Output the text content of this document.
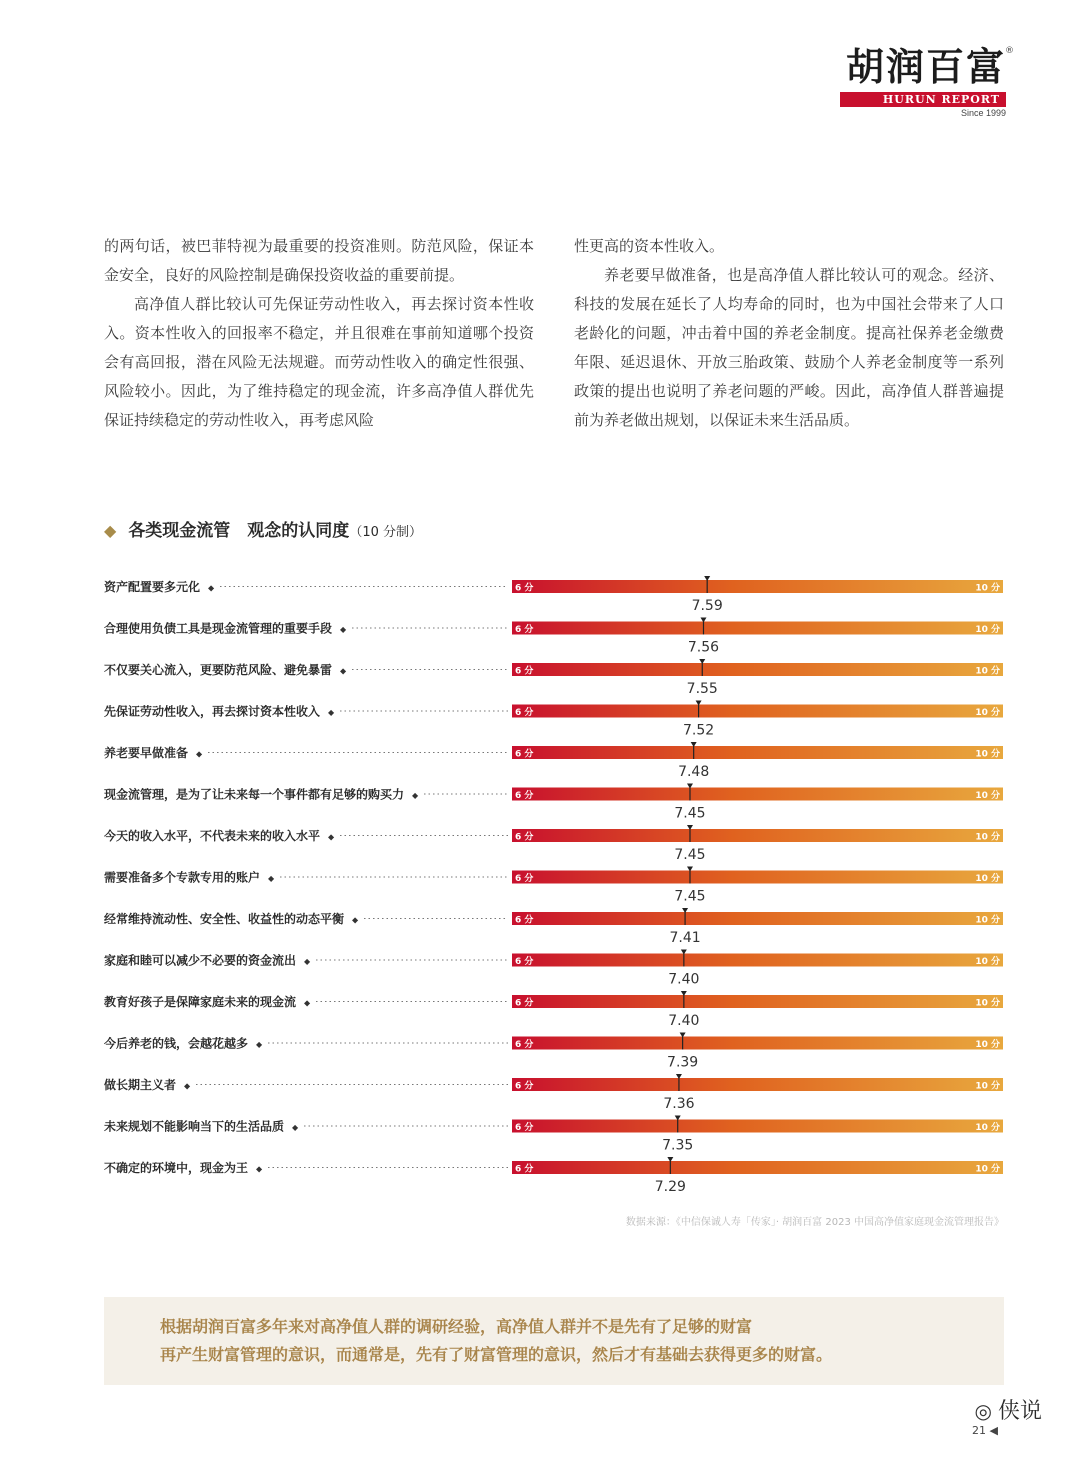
胡润百富 ®
HURUN REPORT
Since 1999

的两句话，被巴菲特视为最重要的投资准则。防范风险，保证本金安全，良好的风险控制是确保投资收益的重要前提。

高净值人群比较认可先保证劳动性收入，再去探讨资本性收入。资本性收入的回报率不稳定，并且很难在事前知道哪个投资会有高回报，潜在风险无法规避。而劳动性收入的确定性很强、风险较小。因此，为了维持稳定的现金流，许多高净值人群优先保证持续稳定的劳动性收入，再考虑风险

性更高的资本性收入。

养老要早做准备，也是高净值人群比较认可的观念。经济、科技的发展在延长了人均寿命的同时，也为中国社会带来了人口老龄化的问题，冲击着中国的养老金制度。提高社保养老金缴费年限、延迟退休、开放三胎政策、鼓励个人养老金制度等一系列政策的提出也说明了养老问题的严峻。因此，高净值人群普遍提前为养老做出规划，以保证未来生活品质。

◆ 各类现金流管　观念的认同度（10 分制）
资产配置要多元化 ◆	6 分	10 分
7.59
合理使用负债工具是现金流管理的重要手段 ◆	6 分	10 分
7.56
不仅要关心流入，更要防范风险、避免暴雷 ◆	6 分	10 分
7.55
先保证劳动性收入，再去探讨资本性收入 ◆	6 分	10 分
7.52
养老要早做准备 ◆	6 分	10 分
7.48
现金流管理，是为了让未来每一个事件都有足够的购买力 ◆	6 分	10 分
7.45
今天的收入水平，不代表未来的收入水平 ◆	6 分	10 分
7.45
需要准备多个专款专用的账户 ◆	6 分	10 分
7.45
经常维持流动性、安全性、收益性的动态平衡 ◆	6 分	10 分
7.41
家庭和睦可以减少不必要的资金流出 ◆	6 分	10 分
7.40
教育好孩子是保障家庭未来的现金流 ◆	6 分	10 分
7.40
今后养老的钱，会越花越多 ◆	6 分	10 分
7.39
做长期主义者 ◆	6 分	10 分
7.36
未来规划不能影响当下的生活品质 ◆	6 分	10 分
7.35
不确定的环境中，现金为王 ◆	6 分	10 分
7.29
数据来源：《中信保诚人寿「传家」· 胡润百富 2023 中国高净值家庭现金流管理报告》
根据胡润百富多年来对高净值人群的调研经验，高净值人群并不是先有了足够的财富
再产生财富管理的意识，而通常是，先有了财富管理的意识，然后才有基础去获得更多的财富。
◎ 侠说
21 ◀
